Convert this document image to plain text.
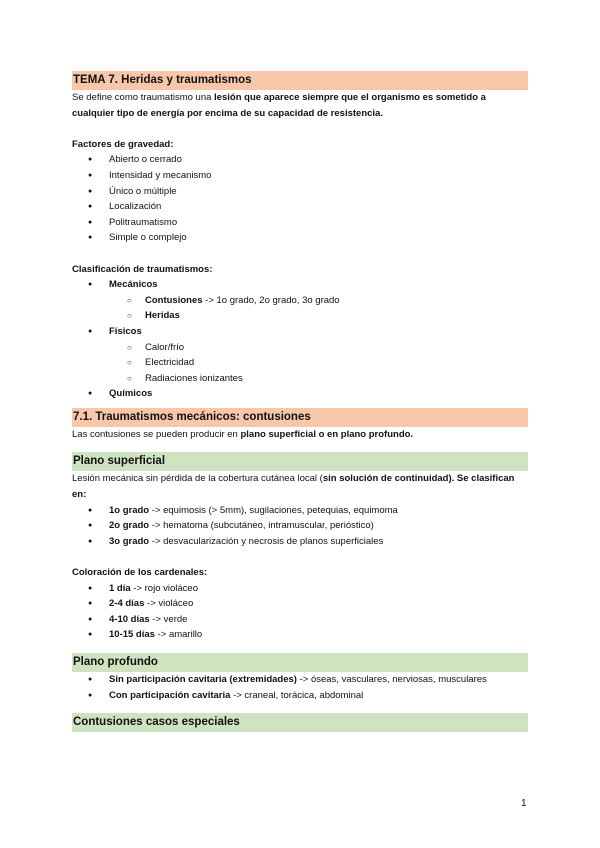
TEMA 7. Heridas y traumatismos

Se define como traumatismo una lesión que aparece siempre que el organismo es sometido a cualquier tipo de energía por encima de su capacidad de resistencia.

Factores de gravedad:

● Abierto o cerrado
● Intensidad y mecanismo
● Único o múltiple
● Localización
● Politraumatismo
● Simple o complejo

Clasificación de traumatismos:

● Mecánicos
○ Contusiones -> 1o grado, 2o grado, 3o grado
○ Heridas
● Físicos
○ Calor/frío
○ Electricidad
○ Radiaciones ionizantes
● Químicos
7.1. Traumatismos mecánicos: contusiones

Las contusiones se pueden producir en plano superficial o en plano profundo.

Plano superficial

Lesión mecánica sin pérdida de la cobertura cutánea local (sin solución de continuidad). Se clasifican en:

● 1o grado -> equimosis (> 5mm), sugilaciones, petequias, equimoma
● 2o grado -> hematoma (subcutáneo, intramuscular, perióstico)
● 3o grado -> desvacularización y necrosis de planos superficiales

Coloración de los cardenales:

● 1 día -> rojo violáceo
● 2-4 días -> violáceo
● 4-10 días -> verde
● 10-15 días -> amarillo
Plano profundo
● Sin participación cavitaria (extremidades) -> óseas, vasculares, nerviosas, musculares
● Con participación cavitaria -> craneal, torácica, abdominal
Contusiones casos especiales
1
